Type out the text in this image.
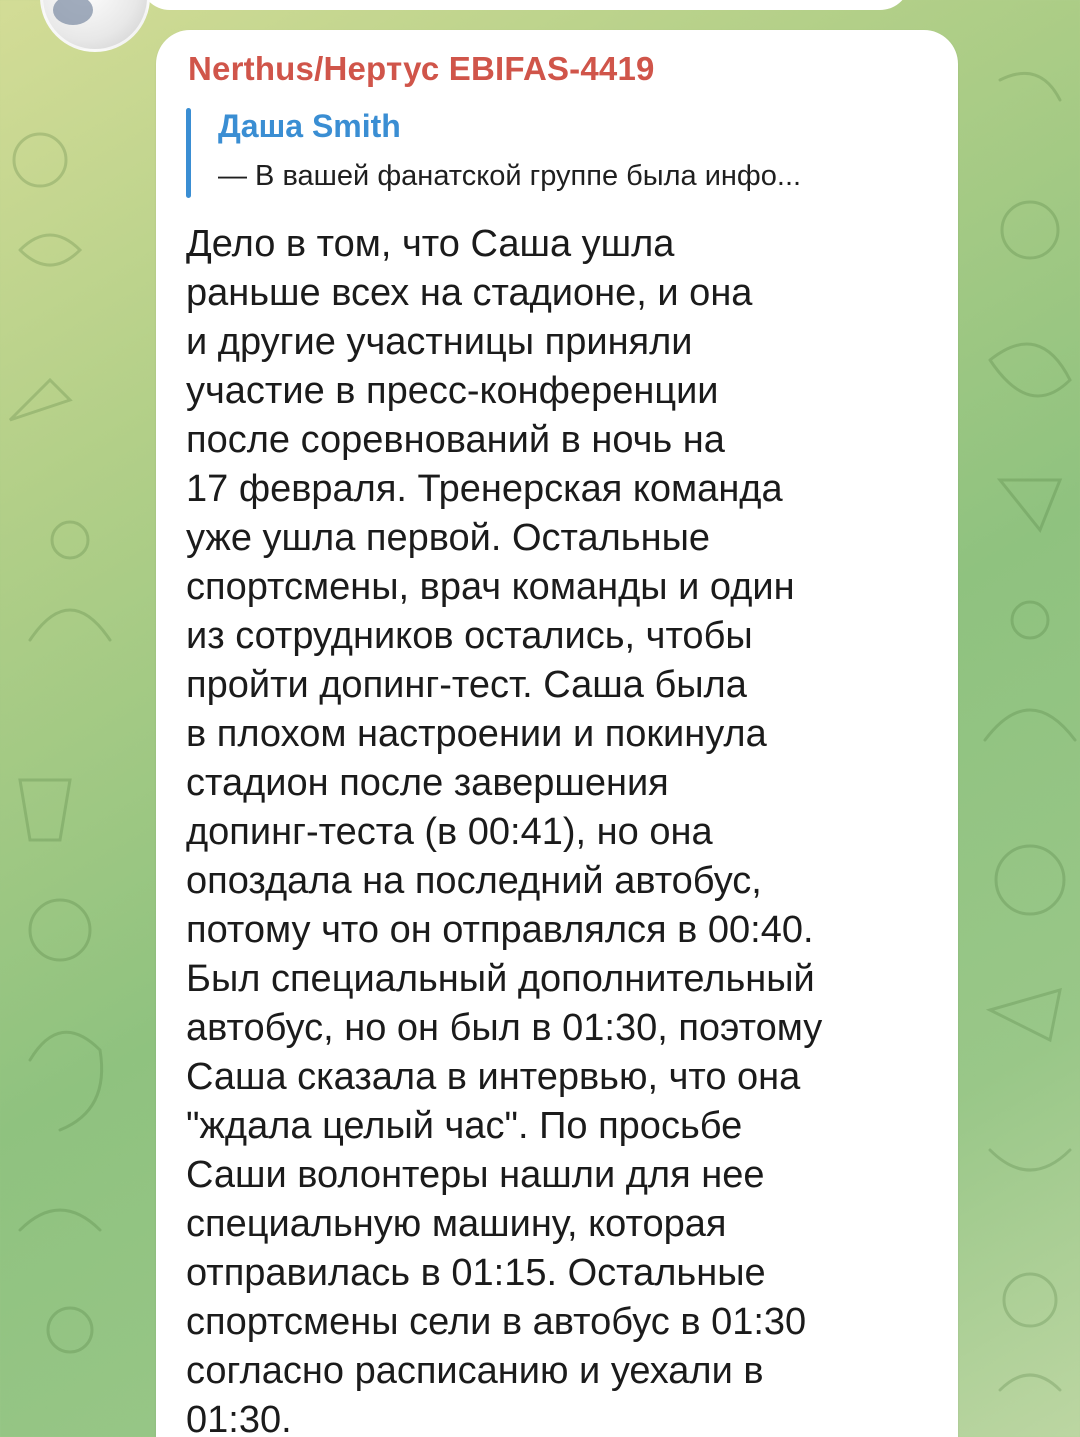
Nerthus/Нертус EBIFAS-4419
Даша Smith
— В вашей фанатской группе была инфо...
Дело в том, что Саша ушла
раньше всех на стадионе, и она
и другие участницы приняли
участие в пресс-конференции
после соревнований в ночь на
17 февраля. Тренерская команда
уже ушла первой. Остальные
спортсмены, врач команды и один
из сотрудников остались, чтобы
пройти допинг-тест. Саша была
в плохом настроении и покинула
стадион после завершения
допинг-теста (в 00:41), но она
опоздала на последний автобус,
потому что он отправлялся в 00:40.
Был специальный дополнительный
автобус, но он был в 01:30, поэтому
Саша сказала в интервью, что она
"ждала целый час". По просьбе
Саши волонтеры нашли для нее
специальную машину, которая
отправилась в 01:15. Остальные
спортсмены сели в автобус в 01:30
согласно расписанию и уехали в
01:30.
